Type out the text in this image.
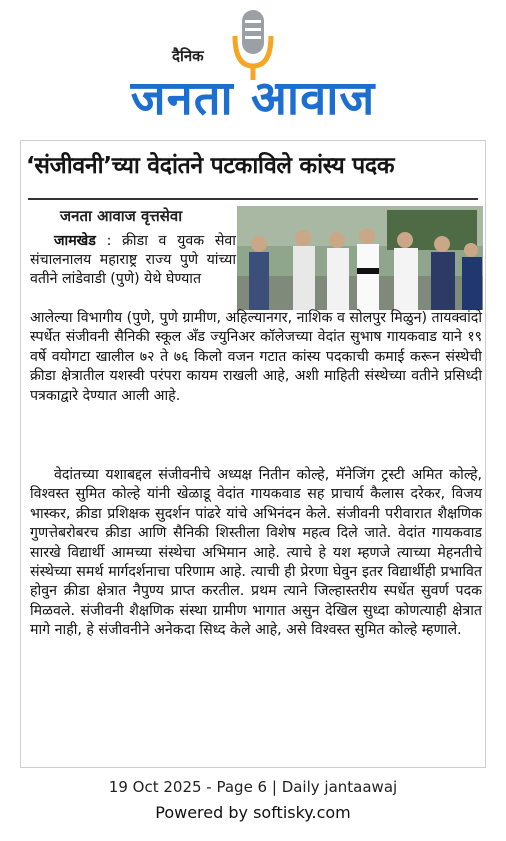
दैनिक
जनता आवाज
‘संजीवनी’च्या वेदांतने पटकाविले कांस्य पदक
जनता आवाज वृत्तसेवा
जामखेड : क्रीडा व युवक सेवा संचालनालय महाराष्ट्र राज्य पुणे यांच्या वतीने लांडेवाडी (पुणे) येथे घेण्यात
आलेल्या विभागीय (पुणे, पुणे ग्रामीण, अहिल्यानगर, नाशिक व सोलपुर मिळुन) तायक्वांदो स्पर्धेत संजीवनी सैनिकी स्कूल अँड ज्युनिअर कॉलेजच्या वेदांत सुभाष गायकवाड याने १९ वर्षे वयोगटा खालील ७२ ते ७६ किलो वजन गटात कांस्य पदकाची कमाई करून संस्थेची क्रीडा क्षेत्रातील यशस्वी परंपरा कायम राखली आहे, अशी माहिती संस्थेच्या वतीने प्रसिध्दी पत्रकाद्वारे देण्यात आली आहे.
वेदांतच्या यशाबद्दल संजीवनीचे अध्यक्ष नितीन कोल्हे, मॅनेजिंग ट्रस्टी अमित कोल्हे, विश्वस्त सुमित कोल्हे यांनी खेळाडू वेदांत गायकवाड सह प्राचार्य कैलास दरेकर, विजय भास्कर, क्रीडा प्रशिक्षक सुदर्शन पांढरे यांचे अभिनंदन केले. संजीवनी परीवारात शैक्षणिक गुणत्तेबरोबरच क्रीडा आणि सैनिकी शिस्तीला विशेष महत्व दिले जाते. वेदांत गायकवाड सारखे विद्यार्थी आमच्या संस्थेचा अभिमान आहे. त्याचे हे यश म्हणजे त्याच्या मेहनतीचे संस्थेच्या समर्थ मार्गदर्शनाचा परिणाम आहे. त्याची ही प्रेरणा घेवुन इतर विद्यार्थीही प्रभावित होवुन क्रीडा क्षेत्रात नैपुण्य प्राप्त करतील. प्रथम त्याने जिल्हास्तरीय स्पर्धेत सुवर्ण पदक मिळवले. संजीवनी शैक्षणिक संस्था ग्रामीण भागात असुन देखिल सुध्दा कोणत्याही क्षेत्रात मागे नाही, हे संजीवनीने अनेकदा सिध्द केले आहे, असे विश्वस्त सुमित कोल्हे म्हणाले.
19 Oct 2025 - Page 6 | Daily jantaawaj
Powered by softisky.com
